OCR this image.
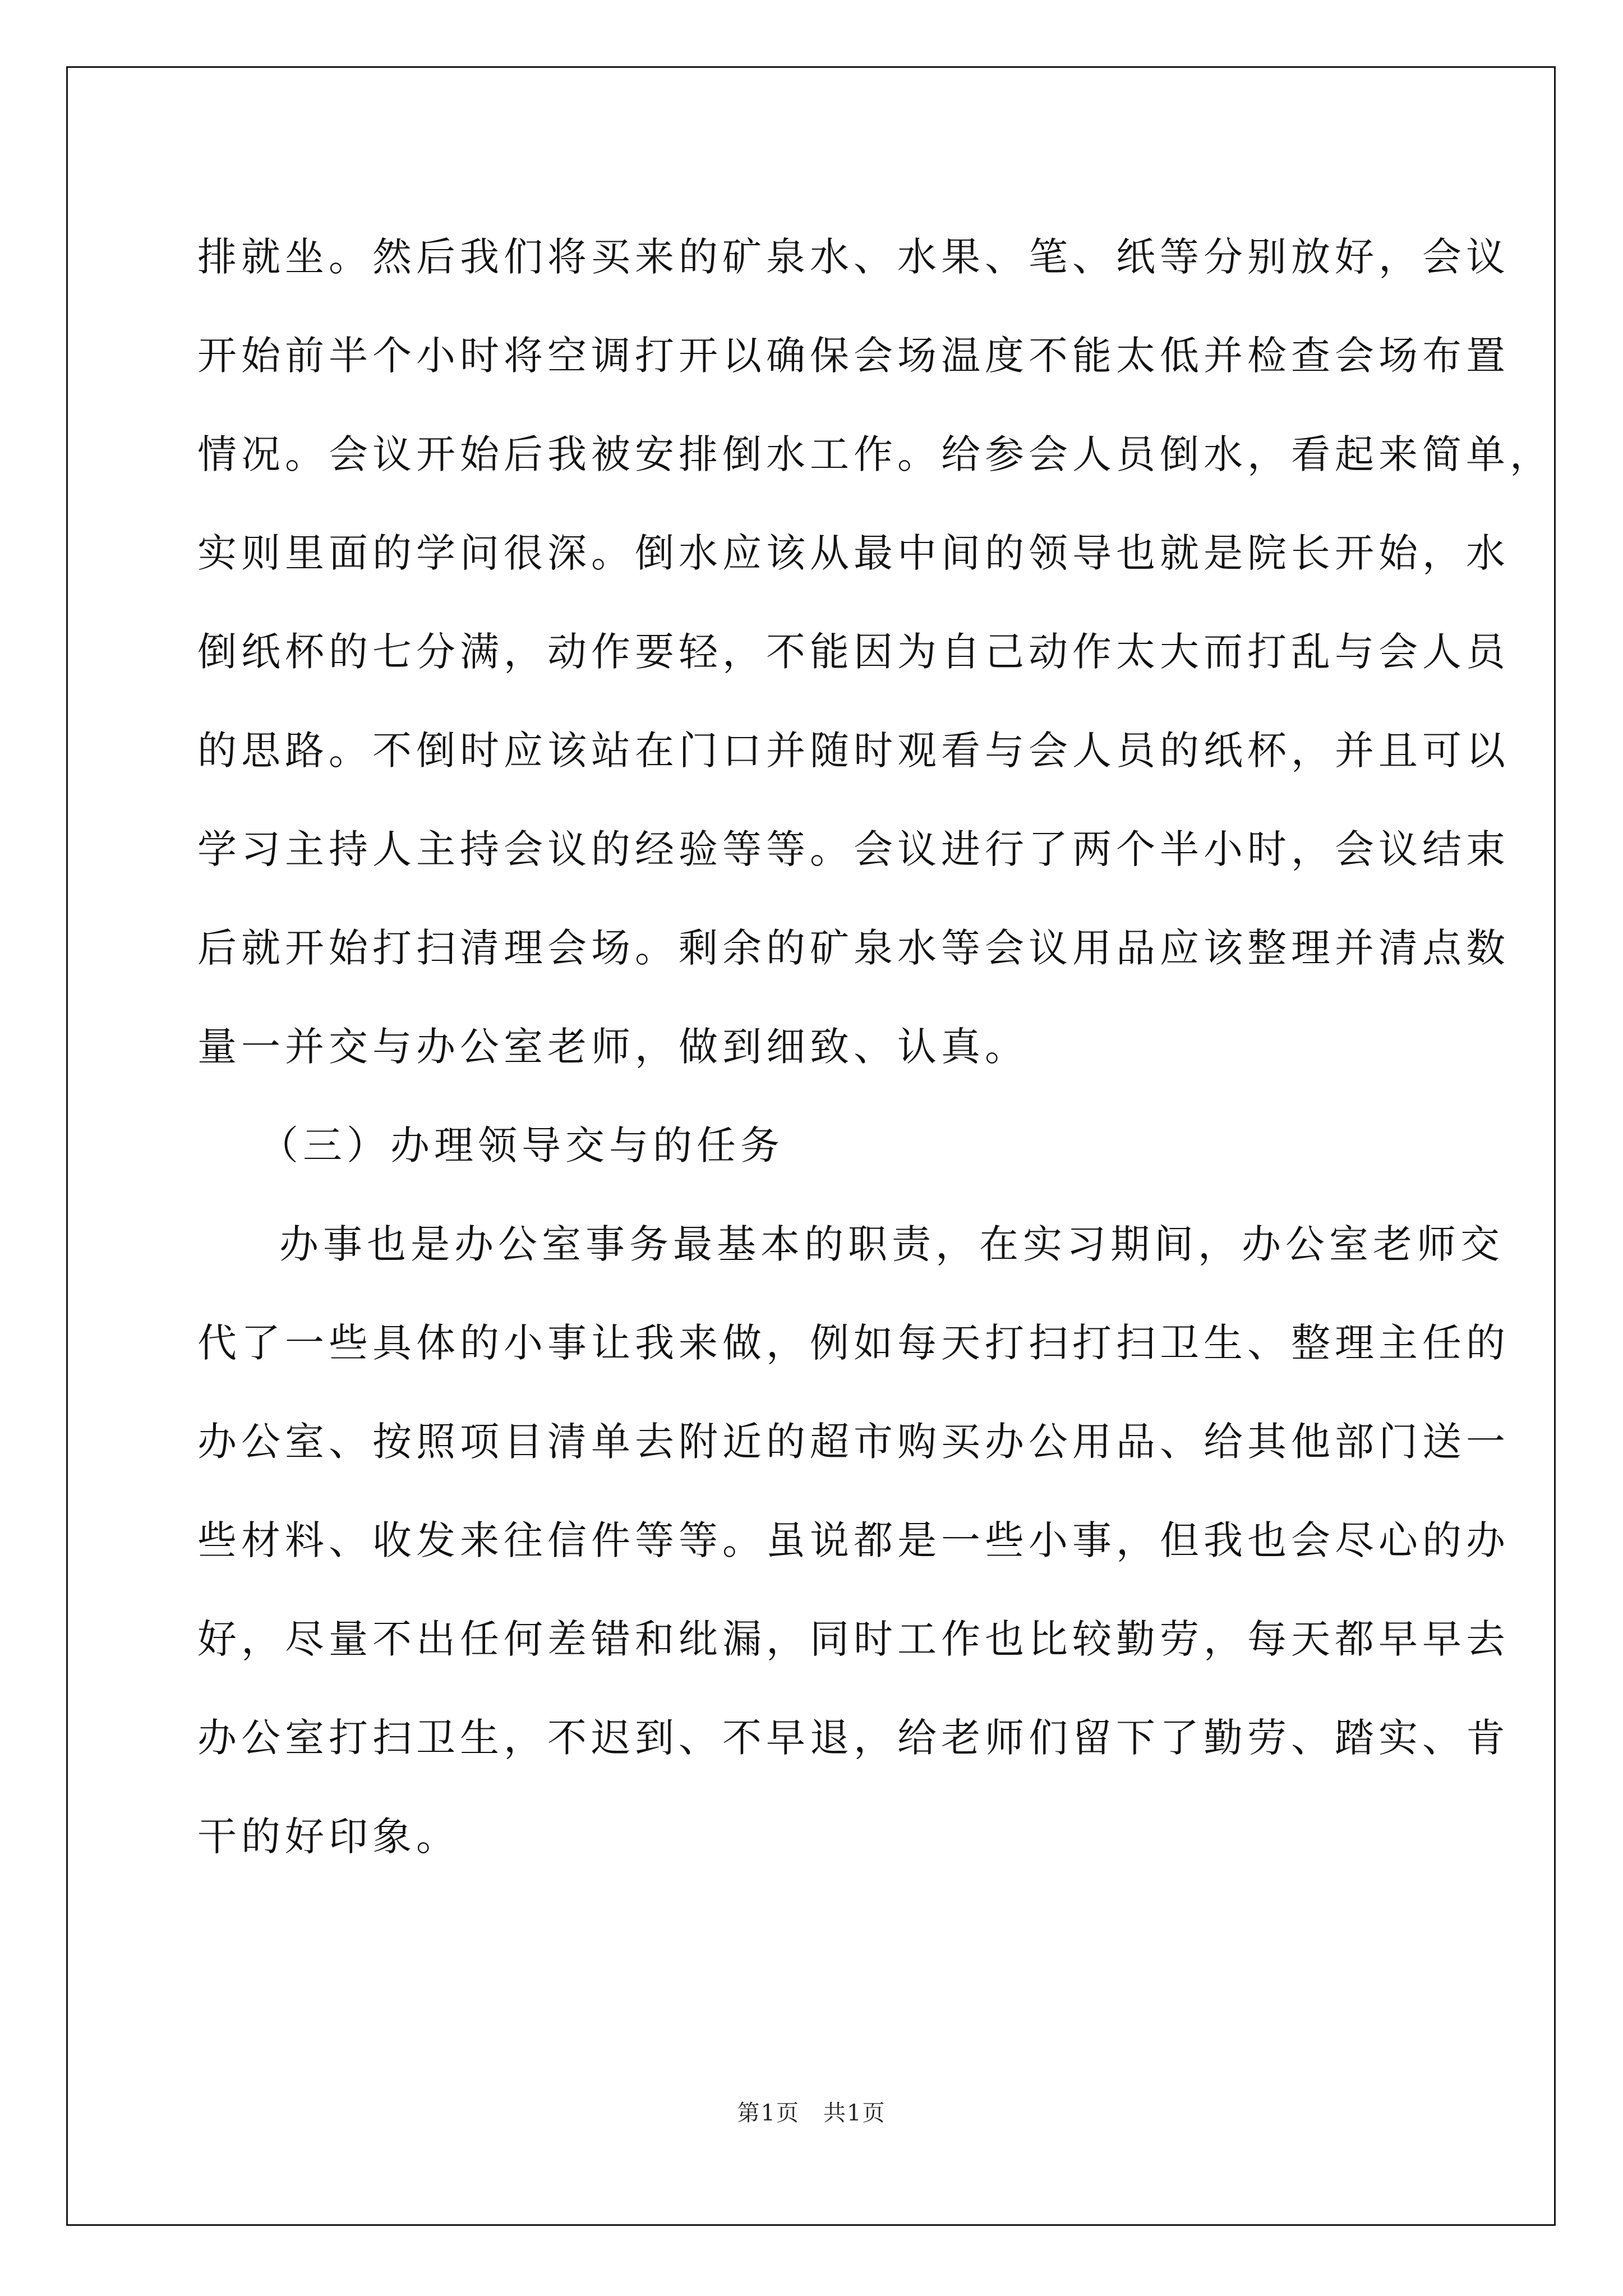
排就坐。然后我们将买来的矿泉水、水果、笔、纸等分别放好，会议
开始前半个小时将空调打开以确保会场温度不能太低并检查会场布置
情况。会议开始后我被安排倒水工作。给参会人员倒水，看起来简单，
实则里面的学问很深。倒水应该从最中间的领导也就是院长开始，水
倒纸杯的七分满，动作要轻，不能因为自己动作太大而打乱与会人员
的思路。不倒时应该站在门口并随时观看与会人员的纸杯，并且可以
学习主持人主持会议的经验等等。会议进行了两个半小时，会议结束
后就开始打扫清理会场。剩余的矿泉水等会议用品应该整理并清点数
量一并交与办公室老师，做到细致、认真。
（三）办理领导交与的任务
办事也是办公室事务最基本的职责，在实习期间，办公室老师交
代了一些具体的小事让我来做，例如每天打扫打扫卫生、整理主任的
办公室、按照项目清单去附近的超市购买办公用品、给其他部门送一
些材料、收发来往信件等等。虽说都是一些小事，但我也会尽心的办
好，尽量不出任何差错和纰漏，同时工作也比较勤劳，每天都早早去
办公室打扫卫生，不迟到、不早退，给老师们留下了勤劳、踏实、肯
干的好印象。
第1页　共1页
